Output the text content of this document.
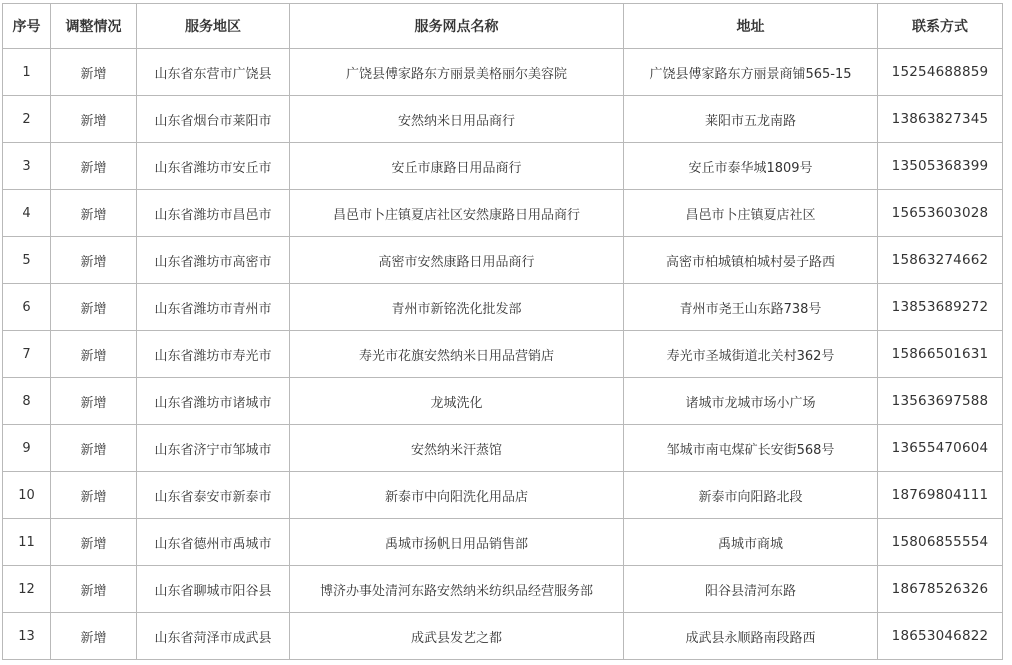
序号	调整情况	服务地区	服务网点名称	地址	联系方式
1	新增	山东省东营市广饶县	广饶县傅家路东方丽景美格丽尔美容院	广饶县傅家路东方丽景商铺565-15	15254688859
2	新增	山东省烟台市莱阳市	安然纳米日用品商行	莱阳市五龙南路	13863827345
3	新增	山东省潍坊市安丘市	安丘市康路日用品商行	安丘市泰华城1809号	13505368399
4	新增	山东省潍坊市昌邑市	昌邑市卜庄镇夏店社区安然康路日用品商行	昌邑市卜庄镇夏店社区	15653603028
5	新增	山东省潍坊市高密市	高密市安然康路日用品商行	高密市柏城镇柏城村晏子路西	15863274662
6	新增	山东省潍坊市青州市	青州市新铭洗化批发部	青州市尧王山东路738号	13853689272
7	新增	山东省潍坊市寿光市	寿光市花旗安然纳米日用品营销店	寿光市圣城街道北关村362号	15866501631
8	新增	山东省潍坊市诸城市	龙城洗化	诸城市龙城市场小广场	13563697588
9	新增	山东省济宁市邹城市	安然纳米汗蒸馆	邹城市南屯煤矿长安街568号	13655470604
10	新增	山东省泰安市新泰市	新泰市中向阳洗化用品店	新泰市向阳路北段	18769804111
11	新增	山东省德州市禹城市	禹城市扬帆日用品销售部	禹城市商城	15806855554
12	新增	山东省聊城市阳谷县	博济办事处清河东路安然纳米纺织品经营服务部	阳谷县清河东路	18678526326
13	新增	山东省菏泽市成武县	成武县发艺之都	成武县永顺路南段路西	18653046822
